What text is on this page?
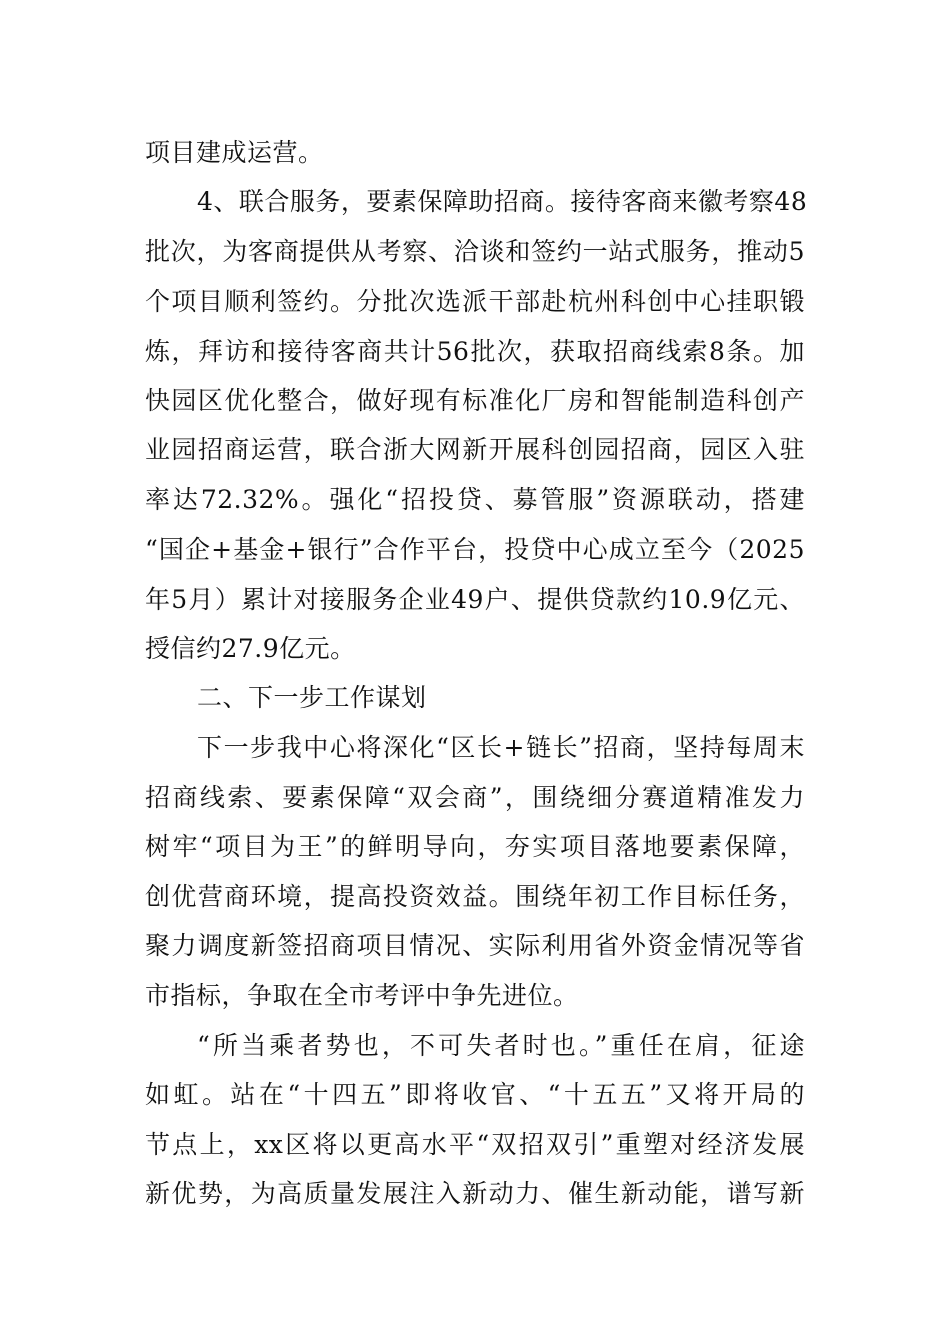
项目建成运营。
4、联合服务，要素保障助招商。接待客商来徽考察48
批次，为客商提供从考察、洽谈和签约一站式服务，推动5
个项目顺利签约。分批次选派干部赴杭州科创中心挂职锻
炼，拜访和接待客商共计56批次，获取招商线索8条。加
快园区优化整合，做好现有标准化厂房和智能制造科创产
业园招商运营，联合浙大网新开展科创园招商，园区入驻
率达72.32%。强化“招投贷、募管服”资源联动，搭建
“国企+基金+银行”合作平台，投贷中心成立至今（2025
年5月）累计对接服务企业49户、提供贷款约10.9亿元、
授信约27.9亿元。
二、下一步工作谋划
下一步我中心将深化“区长+链长”招商，坚持每周末
招商线索、要素保障“双会商”，围绕细分赛道精准发力
树牢“项目为王”的鲜明导向，夯实项目落地要素保障，
创优营商环境，提高投资效益。围绕年初工作目标任务，
聚力调度新签招商项目情况、实际利用省外资金情况等省
市指标，争取在全市考评中争先进位。
“所当乘者势也，不可失者时也。”重任在肩，征途
如虹。站在“十四五”即将收官、“十五五”又将开局的
节点上，xx区将以更高水平“双招双引”重塑对经济发展
新优势，为高质量发展注入新动力、催生新动能，谱写新
